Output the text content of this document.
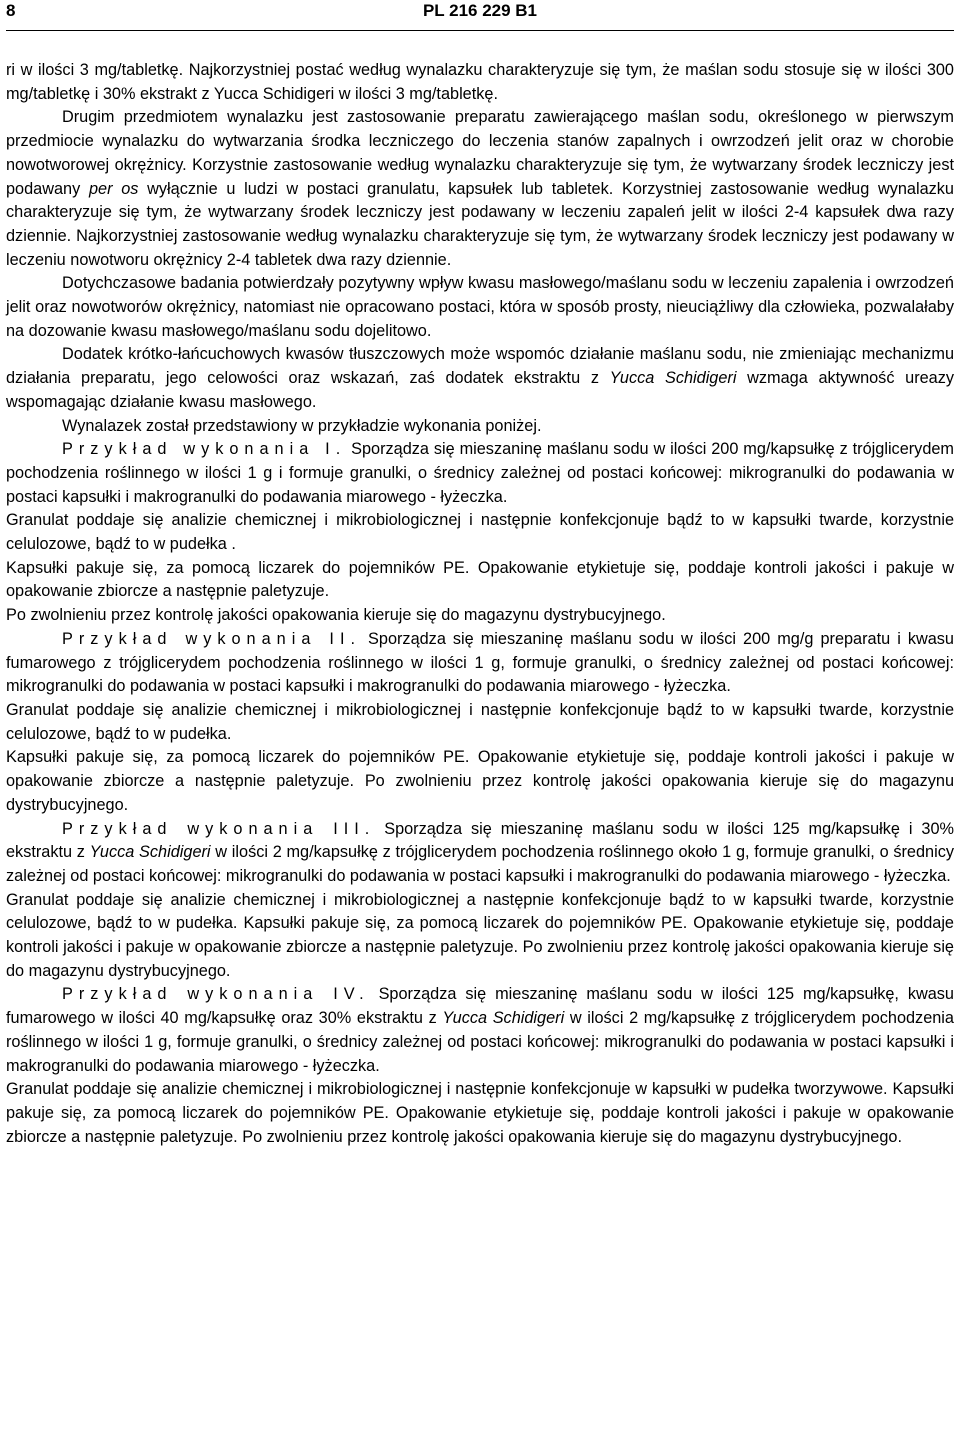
8	PL 216 229 B1

ri w ilości 3 mg/tabletkę. Najkorzystniej postać według wynalazku charakteryzuje się tym, że maślan sodu stosuje się w ilości 300 mg/tabletkę i 30% ekstrakt z Yucca Schidigeri w ilości 3 mg/tabletkę.

Drugim przedmiotem wynalazku jest zastosowanie preparatu zawierającego maślan sodu, określonego w pierwszym przedmiocie wynalazku do wytwarzania środka leczniczego do leczenia stanów zapalnych i owrzodzeń jelit oraz w chorobie nowotworowej okrężnicy. Korzystnie zastosowanie według wynalazku charakteryzuje się tym, że wytwarzany środek leczniczy jest podawany per os wyłącznie u ludzi w postaci granulatu, kapsułek lub tabletek. Korzystniej zastosowanie według wynalazku charakteryzuje się tym, że wytwarzany środek leczniczy jest podawany w leczeniu zapaleń jelit w ilości 2-4 kapsułek dwa razy dziennie. Najkorzystniej zastosowanie według wynalazku charakteryzuje się tym, że wytwarzany środek leczniczy jest podawany w leczeniu nowotworu okrężnicy 2-4 tabletek dwa razy dziennie.

Dotychczasowe badania potwierdzały pozytywny wpływ kwasu masłowego/maślanu sodu w leczeniu zapalenia i owrzodzeń jelit oraz nowotworów okrężnicy, natomiast nie opracowano postaci, która w sposób prosty, nieuciążliwy dla człowieka, pozwalałaby na dozowanie kwasu masłowego/maślanu sodu dojelitowo.

Dodatek krótko-łańcuchowych kwasów tłuszczowych może wspomóc działanie maślanu sodu, nie zmieniając mechanizmu działania preparatu, jego celowości oraz wskazań, zaś dodatek ekstraktu z Yucca Schidigeri wzmaga aktywność ureazy wspomagając działanie kwasu masłowego.

Wynalazek został przedstawiony w przykładzie wykonania poniżej.

Przykład wykonania I. Sporządza się mieszaninę maślanu sodu w ilości 200 mg/kapsułkę z trójglicerydem pochodzenia roślinnego w ilości 1 g i formuje granulki, o średnicy zależnej od postaci końcowej: mikrogranulki do podawania w postaci kapsułki i makrogranulki do podawania miarowego - łyżeczka.

Granulat poddaje się analizie chemicznej i mikrobiologicznej i następnie konfekcjonuje bądź to w kapsułki twarde, korzystnie celulozowe, bądź to w pudełka .

Kapsułki pakuje się, za pomocą liczarek do pojemników PE. Opakowanie etykietuje się, poddaje kontroli jakości i pakuje w opakowanie zbiorcze a następnie paletyzuje.

Po zwolnieniu przez kontrolę jakości opakowania kieruje się do magazynu dystrybucyjnego.

Przykład wykonania II. Sporządza się mieszaninę maślanu sodu w ilości 200 mg/g preparatu i kwasu fumarowego z trójglicerydem pochodzenia roślinnego w ilości 1 g, formuje granulki, o średnicy zależnej od postaci końcowej: mikrogranulki do podawania w postaci kapsułki i makrogranulki do podawania miarowego - łyżeczka.

Granulat poddaje się analizie chemicznej i mikrobiologicznej i następnie konfekcjonuje bądź to w kapsułki twarde, korzystnie celulozowe, bądź to w pudełka.

Kapsułki pakuje się, za pomocą liczarek do pojemników PE. Opakowanie etykietuje się, poddaje kontroli jakości i pakuje w opakowanie zbiorcze a następnie paletyzuje. Po zwolnieniu przez kontrolę jakości opakowania kieruje się do magazynu dystrybucyjnego.

Przykład wykonania III. Sporządza się mieszaninę maślanu sodu w ilości 125 mg/kapsułkę i 30% ekstraktu z Yucca Schidigeri w ilości 2 mg/kapsułkę z trójglicerydem pochodzenia roślinnego około 1 g, formuje granulki, o średnicy zależnej od postaci końcowej: mikrogranulki do podawania w postaci kapsułki i makrogranulki do podawania miarowego - łyżeczka.

Granulat poddaje się analizie chemicznej i mikrobiologicznej a następnie konfekcjonuje bądź to w kapsułki twarde, korzystnie celulozowe, bądź to w pudełka. Kapsułki pakuje się, za pomocą liczarek do pojemników PE. Opakowanie etykietuje się, poddaje kontroli jakości i pakuje w opakowanie zbiorcze a następnie paletyzuje. Po zwolnieniu przez kontrolę jakości opakowania kieruje się do magazynu dystrybucyjnego.

Przykład wykonania IV. Sporządza się mieszaninę maślanu sodu w ilości 125 mg/kapsułkę, kwasu fumarowego w ilości 40 mg/kapsułkę oraz 30% ekstraktu z Yucca Schidigeri w ilości 2 mg/kapsułkę z trójglicerydem pochodzenia roślinnego w ilości 1 g, formuje granulki, o średnicy zależnej od postaci końcowej: mikrogranulki do podawania w postaci kapsułki i makrogranulki do podawania miarowego - łyżeczka.

Granulat poddaje się analizie chemicznej i mikrobiologicznej i następnie konfekcjonuje w kapsułki w pudełka tworzywowe. Kapsułki pakuje się, za pomocą liczarek do pojemników PE. Opakowanie etykietuje się, poddaje kontroli jakości i pakuje w opakowanie zbiorcze a następnie paletyzuje. Po zwolnieniu przez kontrolę jakości opakowania kieruje się do magazynu dystrybucyjnego.
